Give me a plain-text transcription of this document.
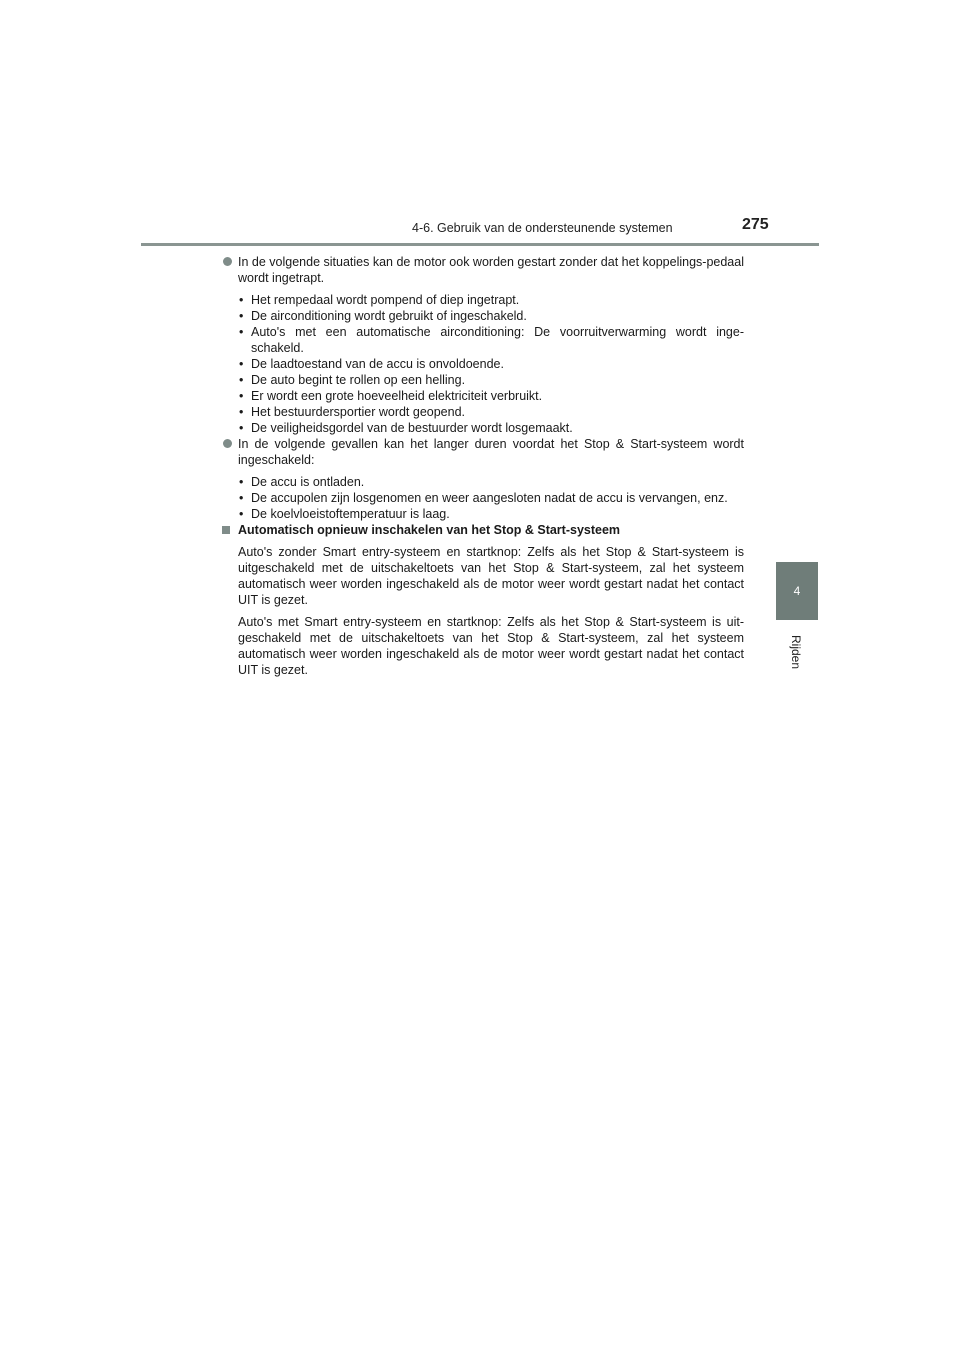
4-6. Gebruik van de ondersteunende systemen	275
4
Rijden
In de volgende situaties kan de motor ook worden gestart zonder dat het koppelings-pedaal wordt ingetrapt.
• Het rempedaal wordt pompend of diep ingetrapt.
• De airconditioning wordt gebruikt of ingeschakeld.
• Auto's met een automatische airconditioning: De voorruitverwarming wordt inge-schakeld.
• De laadtoestand van de accu is onvoldoende.
• De auto begint te rollen op een helling.
• Er wordt een grote hoeveelheid elektriciteit verbruikt.
• Het bestuurdersportier wordt geopend.
• De veiligheidsgordel van de bestuurder wordt losgemaakt.
In de volgende gevallen kan het langer duren voordat het Stop & Start-systeem wordt ingeschakeld:
• De accu is ontladen.
• De accupolen zijn losgenomen en weer aangesloten nadat de accu is vervangen, enz.
• De koelvloeistoftemperatuur is laag.
Automatisch opnieuw inschakelen van het Stop & Start-systeem
Auto's zonder Smart entry-systeem en startknop: Zelfs als het Stop & Start-systeem is uitgeschakeld met de uitschakeltoets van het Stop & Start-systeem, zal het systeem automatisch weer worden ingeschakeld als de motor weer wordt gestart nadat het contact UIT is gezet.
Auto's met Smart entry-systeem en startknop: Zelfs als het Stop & Start-systeem is uit-geschakeld met de uitschakeltoets van het Stop & Start-systeem, zal het systeem automatisch weer worden ingeschakeld als de motor weer wordt gestart nadat het contact UIT is gezet.
